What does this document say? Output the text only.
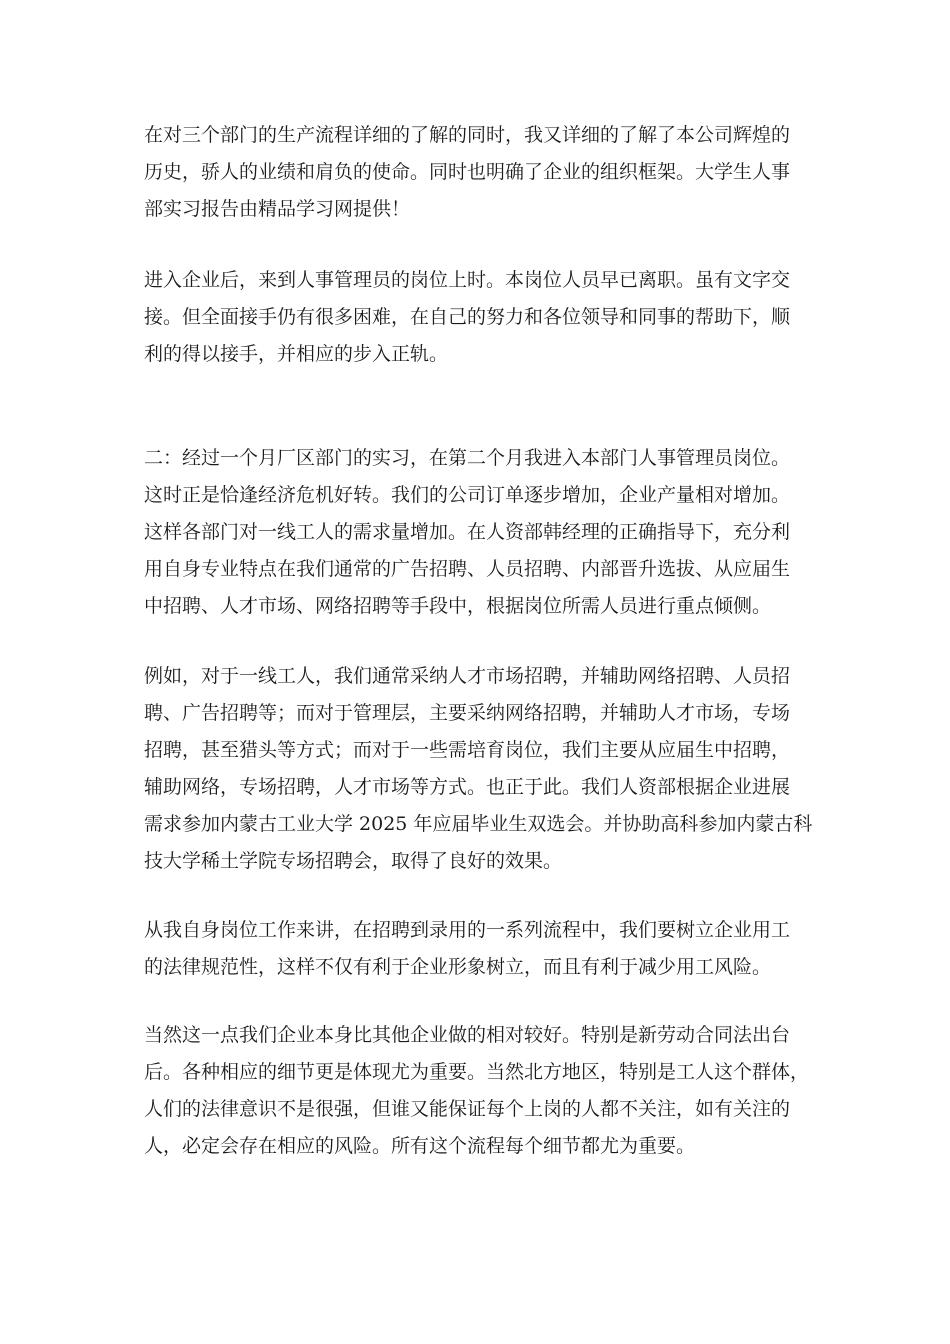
在对三个部门的生产流程详细的了解的同时，我又详细的了解了本公司辉煌的
历史，骄人的业绩和肩负的使命。同时也明确了企业的组织框架。大学生人事
部实习报告由精品学习网提供！

进入企业后，来到人事管理员的岗位上时。本岗位人员早已离职。虽有文字交
接。但全面接手仍有很多困难，在自己的努力和各位领导和同事的帮助下，顺
利的得以接手，并相应的步入正轨。

二：经过一个月厂区部门的实习，在第二个月我进入本部门人事管理员岗位。
这时正是恰逢经济危机好转。我们的公司订单逐步增加，企业产量相对增加。
这样各部门对一线工人的需求量增加。在人资部韩经理的正确指导下，充分利
用自身专业特点在我们通常的广告招聘、人员招聘、内部晋升选拔、从应届生
中招聘、人才市场、网络招聘等手段中，根据岗位所需人员进行重点倾侧。

例如，对于一线工人，我们通常采纳人才市场招聘，并辅助网络招聘、人员招
聘、广告招聘等；而对于管理层，主要采纳网络招聘，并辅助人才市场，专场
招聘，甚至猎头等方式；而对于一些需培育岗位，我们主要从应届生中招聘，
辅助网络，专场招聘，人才市场等方式。也正于此。我们人资部根据企业进展
需求参加内蒙古工业大学 2025 年应届毕业生双选会。并协助高科参加内蒙古科
技大学稀土学院专场招聘会，取得了良好的效果。

从我自身岗位工作来讲，在招聘到录用的一系列流程中，我们要树立企业用工
的法律规范性，这样不仅有利于企业形象树立，而且有利于减少用工风险。

当然这一点我们企业本身比其他企业做的相对较好。特别是新劳动合同法出台
后。各种相应的细节更是体现尤为重要。当然北方地区，特别是工人这个群体，
人们的法律意识不是很强，但谁又能保证每个上岗的人都不关注，如有关注的
人，必定会存在相应的风险。所有这个流程每个细节都尤为重要。
